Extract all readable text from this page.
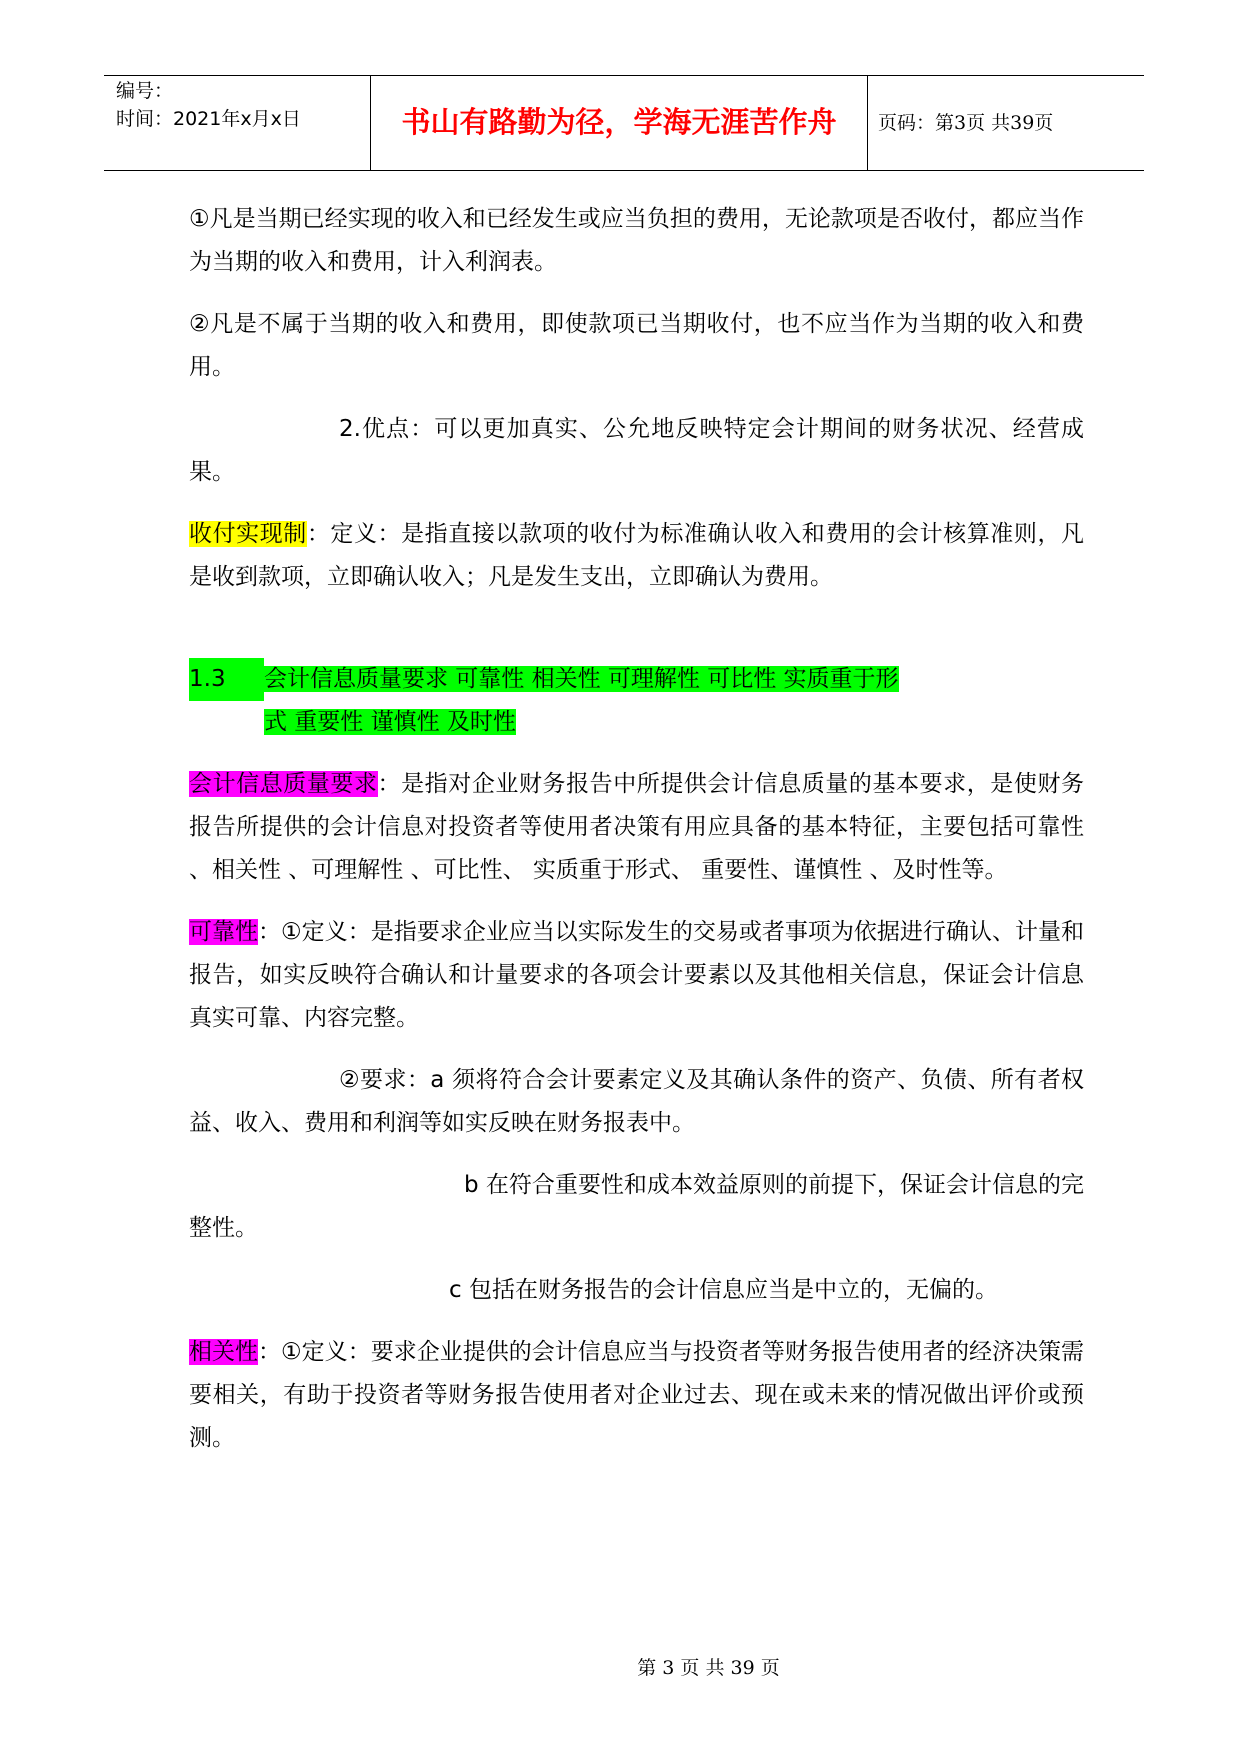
编号：
时间：2021年x月x日	书山有路勤为径，学海无涯苦作舟	页码：第3页 共39页

①凡是当期已经实现的收入和已经发生或应当负担的费用，无论款项是否收付，都应当作为当期的收入和费用，计入利润表。

②凡是不属于当期的收入和费用，即使款项已当期收付，也不应当作为当期的收入和费用。

2.优点：可以更加真实、公允地反映特定会计期间的财务状况、经营成果。

收付实现制：定义：是指直接以款项的收付为标准确认收入和费用的会计核算准则，凡是收到款项，立即确认收入；凡是发生支出，立即确认为费用。

1.3 会计信息质量要求 可靠性 相关性 可理解性 可比性 实质重于形
式 重要性 谨慎性 及时性

会计信息质量要求：是指对企业财务报告中所提供会计信息质量的基本要求，是使财务报告所提供的会计信息对投资者等使用者决策有用应具备的基本特征，主要包括可靠性 、相关性 、可理解性 、可比性、 实质重于形式、 重要性、谨慎性 、及时性等。

可靠性：①定义：是指要求企业应当以实际发生的交易或者事项为依据进行确认、计量和报告，如实反映符合确认和计量要求的各项会计要素以及其他相关信息，保证会计信息真实可靠、内容完整。

②要求：a 须将符合会计要素定义及其确认条件的资产、负债、所有者权益、收入、费用和利润等如实反映在财务报表中。

b 在符合重要性和成本效益原则的前提下，保证会计信息的完整性。

c 包括在财务报告的会计信息应当是中立的，无偏的。

相关性：①定义：要求企业提供的会计信息应当与投资者等财务报告使用者的经济决策需要相关，有助于投资者等财务报告使用者对企业过去、现在或未来的情况做出评价或预测。

第 3 页 共 39 页
